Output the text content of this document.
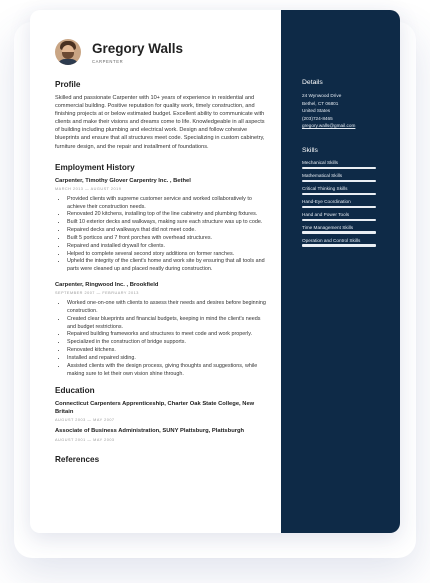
Gregory Walls
CARPENTER
Profile

Skilled and passionate Carpenter with 10+ years of experience in residential and commercial building. Positive reputation for quality work, timely construction, and finishing projects at or below estimated budget. Excellent ability to communicate with clients and make their visions and dreams come to life. Knowledgeable in all aspects of building including plumbing and electrical work. Design and follow cohesive blueprints and ensure that all structures meet code. Specializing in custom cabinetry, furniture design, and the repair and installment of foundations.

Employment History
Carpenter, Timothy Glover Carpentry Inc. , Bethel
MARCH 2013 — AUGUST 2019
• Provided clients with supreme customer service and worked collaboratively to achieve their construction needs.
• Renovated 20 kitchens, installing top of the line cabinetry and plumbing fixtures.
• Built 10 exterior decks and walkways, making sure each structure was up to code.
• Repaired decks and walkways that did not meet code.
• Built 5 porticos and 7 front porches with overhead structures.
• Repaired and installed drywall for clients.
• Helped to complete several second story additions on former ranches.
• Upheld the integrity of the client's home and work site by ensuring that all tools and parts were cleaned up and placed neatly during construction.
Carpenter, Ringwood Inc. , Brookfield
SEPTEMBER 2007 — FEBRUARY 2013
• Worked one-on-one with clients to assess their needs and desires before beginning construction.
• Created clear blueprints and financial budgets, keeping in mind the client's needs and budget restrictions.
• Repaired building frameworks and structures to meet code and work properly.
• Specialized in the construction of bridge supports.
• Renovated kitchens.
• Installed and repaired siding.
• Assisted clients with the design process, giving thoughts and suggestions, while making sure to let their own vision shine through.
Education
Connecticut Carpenters Apprenticeship, Charter Oak State College, New Britain
AUGUST 2003 — MAY 2007
Associate of Business Administration, SUNY Plattsburg, Plattsburgh
AUGUST 2001 — MAY 2003
References
Details
24 Wynwood Drive
Bethel, CT 06801
United States
(203)724-8465
gregory.walls@gmail.com
Skills
Mechanical Skills
Mathematical Skills
Critical Thinking Skills
Hand-Eye Coordination
Hand and Power Tools
Time Management Skills
Operation and Control Skills
